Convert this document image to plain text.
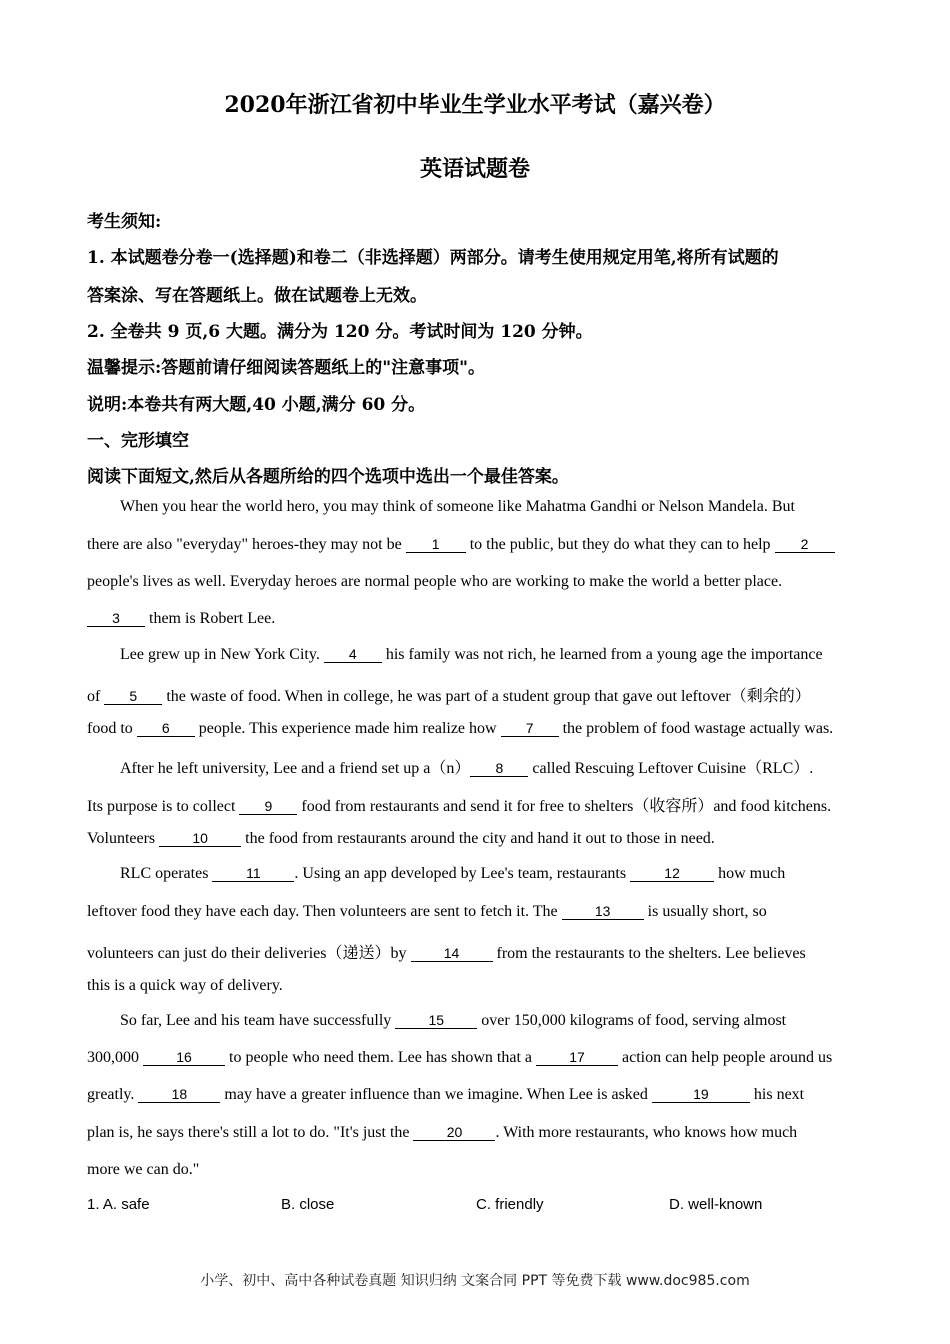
2020年浙江省初中毕业生学业水平考试（嘉兴卷）
英语试题卷
考生须知:
1. 本试题卷分卷一(选择题)和卷二（非选择题）两部分。请考生使用规定用笔,将所有试题的
答案涂、写在答题纸上。做在试题卷上无效。
2. 全卷共 9 页,6 大题。满分为 120 分。考试时间为 120 分钟。
温馨提示:答题前请仔细阅读答题纸上的"注意事项"。
说明:本卷共有两大题,40 小题,满分 60 分。
一、完形填空
阅读下面短文,然后从各题所给的四个选项中选出一个最佳答案。
When you hear the world hero, you may think of someone like Mahatma Gandhi or Nelson Mandela. But
there are also "everyday" heroes-they may not be 1 to the public, but they do what they can to help 2
people's lives as well. Everyday heroes are normal people who are working to make the world a better place.
3 them is Robert Lee.
Lee grew up in New York City. 4 his family was not rich, he learned from a young age the importance
of 5 the waste of food. When in college, he was part of a student group that gave out leftover（剩余的）
food to 6 people. This experience made him realize how 7 the problem of food wastage actually was.
After he left university, Lee and a friend set up a（n） 8 called Rescuing Leftover Cuisine（RLC）.
Its purpose is to collect 9 food from restaurants and send it for free to shelters（收容所）and food kitchens.
Volunteers 10 the food from restaurants around the city and hand it out to those in need.
RLC operates 11 . Using an app developed by Lee's team, restaurants 12 how much
leftover food they have each day. Then volunteers are sent to fetch it. The 13 is usually short, so
volunteers can just do their deliveries（递送）by 14 from the restaurants to the shelters. Lee believes
this is a quick way of delivery.
So far, Lee and his team have successfully 15 over 150,000 kilograms of food, serving almost
300,000 16 to people who need them. Lee has shown that a 17 action can help people around us
greatly. 18 may have a greater influence than we imagine. When Lee is asked	19	his next
plan is, he says there's still a lot to do. "It's just the 20 . With more restaurants, who knows how much
more we can do."
1. A. safe	B. close	C. friendly	D. well-known
小学、初中、高中各种试卷真题 知识归纳 文案合同 PPT 等免费下载 www.doc985.com
